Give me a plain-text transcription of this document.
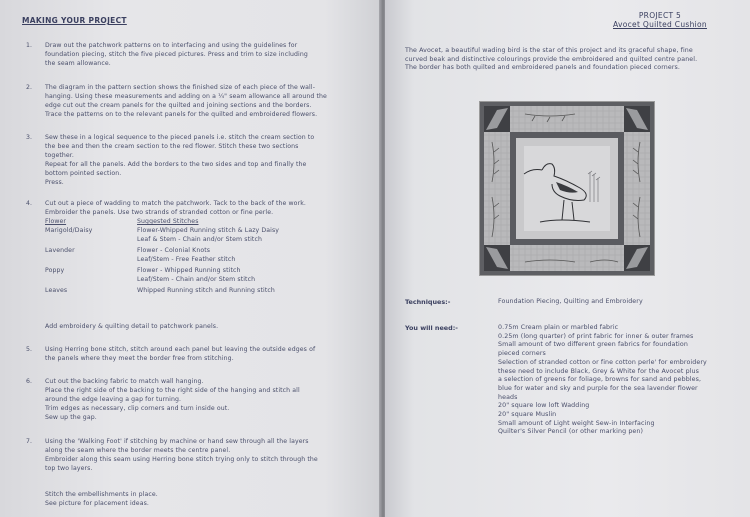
MAKING YOUR PROJECT
1.	Draw out the patchwork patterns on to interfacing and using the guidelines for
foundation piecing, stitch the five pieced pictures. Press and trim to size including
the seam allowance.
2.	The diagram in the pattern section shows the finished size of each piece of the wall-
hanging. Using these measurements and adding on a ¼" seam allowance all around the
edge cut out the cream panels for the quilted and joining sections and the borders.
Trace the patterns on to the relevant panels for the quilted and embroidered flowers.
3.	Sew these in a logical sequence to the pieced panels i.e. stitch the cream section to
the bee and then the cream section to the red flower. Stitch these two sections
together.
Repeat for all the panels. Add the borders to the two sides and top and finally the
bottom pointed section.
Press.
4.	Cut out a piece of wadding to match the patchwork. Tack to the back of the work.
Embroider the panels. Use two strands of stranded cotton or fine perle.
Flower	Suggested Stitches
Marigold/Daisy	Flower-Whipped Running stitch & Lazy Daisy
Leaf & Stem - Chain and/or Stem stitch
Lavender	Flower - Colonial Knots
Leaf/Stem - Free Feather stitch
Poppy	Flower - Whipped Running stitch
Leaf/Stem - Chain and/or Stem stitch
Leaves	Whipped Running stitch and Running stitch
Add embroidery & quilting detail to patchwork panels.
5.	Using Herring bone stitch, stitch around each panel but leaving the outside edges of
the panels where they meet the border free from stitching.
6.	Cut out the backing fabric to match wall hanging.
Place the right side of the backing to the right side of the hanging and stitch all
around the edge leaving a gap for turning.
Trim edges as necessary, clip corners and turn inside out.
Sew up the gap.
7.	Using the 'Walking Foot' if stitching by machine or hand sew through all the layers
along the seam where the border meets the centre panel.
Embroider along this seam using Herring bone stitch trying only to stitch through the
top two layers.
Stitch the embellishments in place.
See picture for placement ideas.
PROJECT 5
Avocet Quilted Cushion
The Avocet, a beautiful wading bird is the star of this project and its graceful shape, fine
curved beak and distinctive colourings provide the embroidered and quilted centre panel.
The border has both quilted and embroidered panels and foundation pieced corners.
Techniques:-	Foundation Piecing, Quilting and Embroidery
You will need:-	0.75m Cream plain or marbled fabric
0.25m (long quarter) of print fabric for inner & outer frames
Small amount of two different green fabrics for foundation
pieced corners
Selection of stranded cotton or fine cotton perle' for embroidery
these need to include Black, Grey & White for the Avocet plus
a selection of greens for foliage, browns for sand and pebbles,
blue for water and sky and purple for the sea lavender flower
heads
20" square low loft Wadding
20" square Muslin
Small amount of Light weight Sew-in Interfacing
Quilter's Silver Pencil (or other marking pen)
